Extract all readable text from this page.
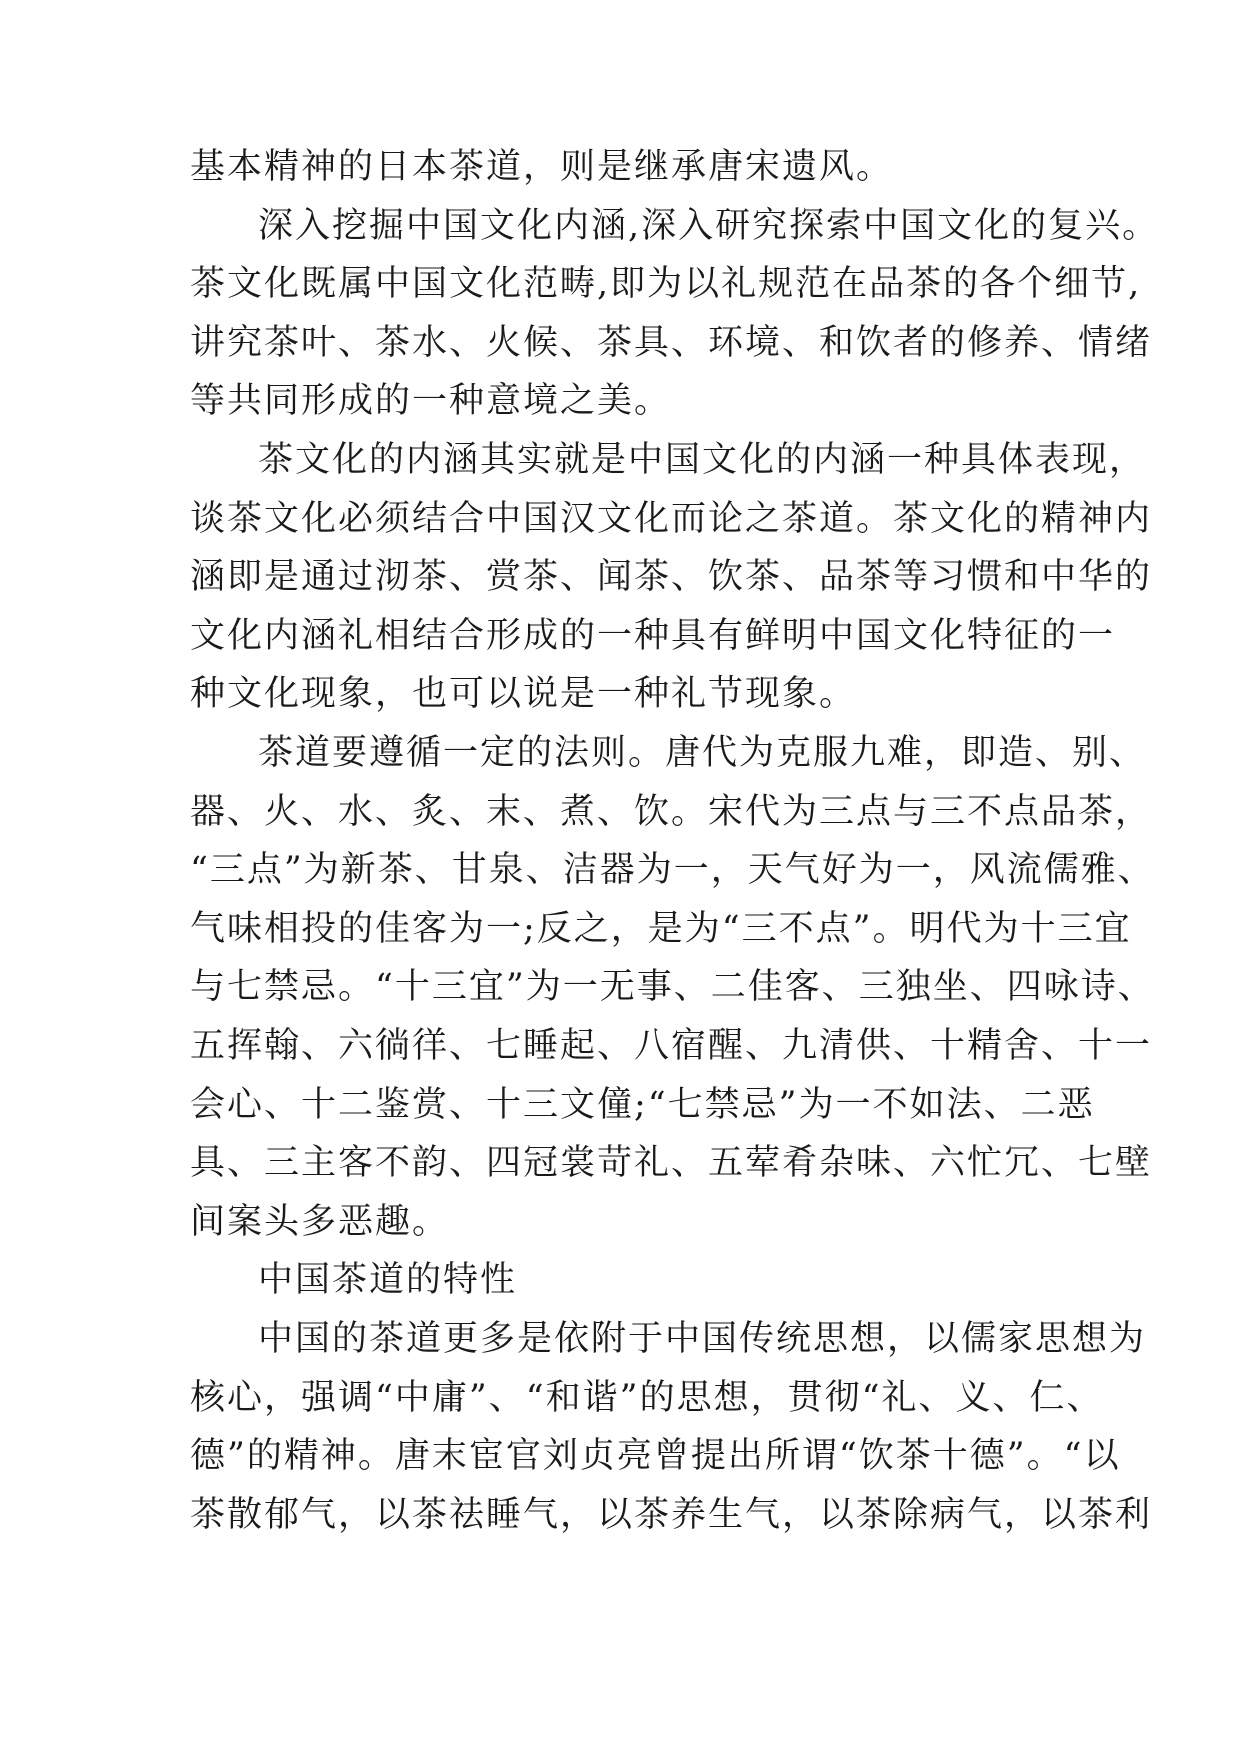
基本精神的日本茶道，则是继承唐宋遗风。
深入挖掘中国文化内涵,深入研究探索中国文化的复兴。
茶文化既属中国文化范畴,即为以礼规范在品茶的各个细节,
讲究茶叶、茶水、火候、茶具、环境、和饮者的修养、情绪
等共同形成的一种意境之美。
茶文化的内涵其实就是中国文化的内涵一种具体表现，
谈茶文化必须结合中国汉文化而论之茶道。茶文化的精神内
涵即是通过沏茶、赏茶、闻茶、饮茶、品茶等习惯和中华的
文化内涵礼相结合形成的一种具有鲜明中国文化特征的一
种文化现象，也可以说是一种礼节现象。
茶道要遵循一定的法则。唐代为克服九难，即造、别、
器、火、水、炙、末、煮、饮。宋代为三点与三不点品茶，
“三点”为新茶、甘泉、洁器为一，天气好为一，风流儒雅、
气味相投的佳客为一;反之，是为“三不点”。明代为十三宜
与七禁忌。“十三宜”为一无事、二佳客、三独坐、四咏诗、
五挥翰、六徜徉、七睡起、八宿醒、九清供、十精舍、十一
会心、十二鉴赏、十三文僮;“七禁忌”为一不如法、二恶
具、三主客不韵、四冠裳苛礼、五荤肴杂味、六忙冗、七壁
间案头多恶趣。
中国茶道的特性
中国的茶道更多是依附于中国传统思想，以儒家思想为
核心，强调“中庸”、“和谐”的思想，贯彻“礼、义、仁、
德”的精神。唐末宦官刘贞亮曾提出所谓“饮茶十德”。“以
茶散郁气，以茶祛睡气，以茶养生气，以茶除病气，以茶利
